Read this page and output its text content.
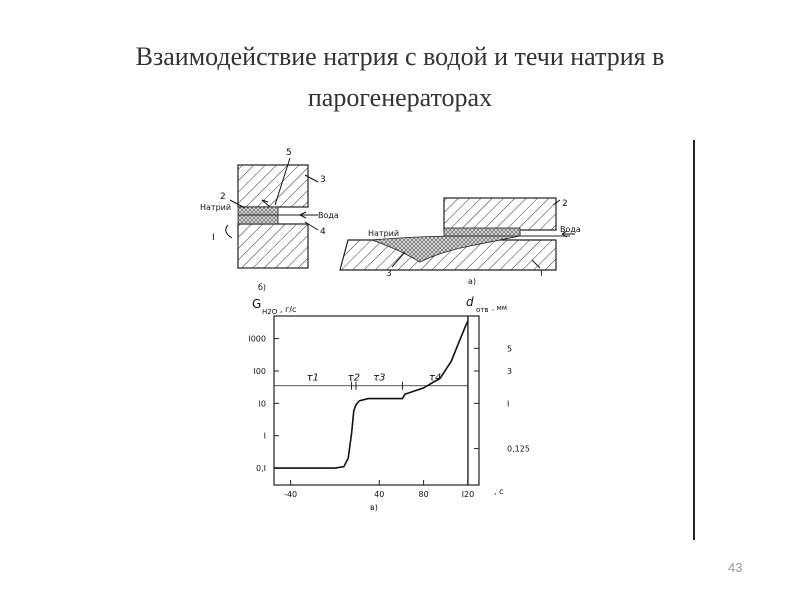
Взаимодействие натрия с водой и течи натрия в
парогенераторах
Натрий
Вода
2
3
4
5
I
б)
Натрий	Вода
2
3	I
а)
G
H2O , г/с
d
отв , мм
, с
в)
0,I
I
I0
I00
I000
0,125
I
3
5
-40	40	80	I20
τ1	τ2 τ3	τ4
43
